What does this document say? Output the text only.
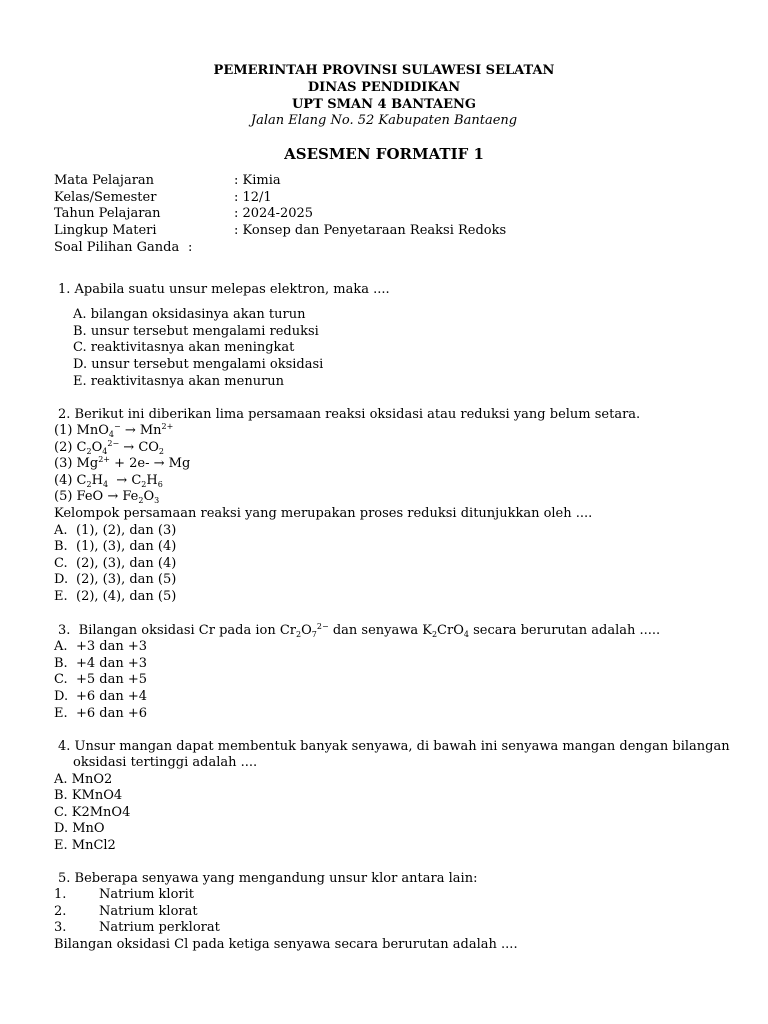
PEMERINTAH PROVINSI SULAWESI SELATAN
DINAS PENDIDIKAN
UPT SMAN 4 BANTAENG
Jalan Elang No. 52 Kabupaten Bantaeng
ASESMEN FORMATIF 1
Mata Pelajaran	: Kimia
Kelas/Semester	: 12/1
Tahun Pelajaran	: 2024-2025
Lingkup Materi	: Konsep dan Penyetaraan Reaksi Redoks
Soal Pilihan Ganda :
1. Apabila suatu unsur melepas elektron, maka ....
A. bilangan oksidasinya akan turun
B. unsur tersebut mengalami reduksi
C. reaktivitasnya akan meningkat
D. unsur tersebut mengalami oksidasi
E. reaktivitasnya akan menurun
2. Berikut ini diberikan lima persamaan reaksi oksidasi atau reduksi yang belum setara.
(1) $MnO_4^- \to Mn^{2+}$
(2) $C_2O_4^{2-} \to CO_2$
(3) $Mg^{2+} + 2e- \to Mg$
(4) $C_2H_4 \to C_2H_6$
(5) FeO → $Fe_2O_3$
Kelompok persamaan reaksi yang merupakan proses reduksi ditunjukkan oleh ....
A. (1), (2), dan (3)
B. (1), (3), dan (4)
C. (2), (3), dan (4)
D. (2), (3), dan (5)
E. (2), (4), dan (5)
3.  Bilangan oksidasi Cr pada ion $Cr_2O_7^{2-}$ dan senyawa $K_2CrO_4$ secara berurutan adalah .....
A. +3 dan +3
B. +4 dan +3
C. +5 dan +5
D. +6 dan +4
E. +6 dan +6
4. Unsur mangan dapat membentuk banyak senyawa, di bawah ini senyawa mangan dengan bilangan
oksidasi tertinggi adalah ....
A. MnO2
B. KMnO4
C. K2MnO4
D. MnO
E. MnCl2
5. Beberapa senyawa yang mengandung unsur klor antara lain:
1.	Natrium klorit
2.	Natrium klorat
3.	Natrium perklorat
Bilangan oksidasi Cl pada ketiga senyawa secara berurutan adalah ....
